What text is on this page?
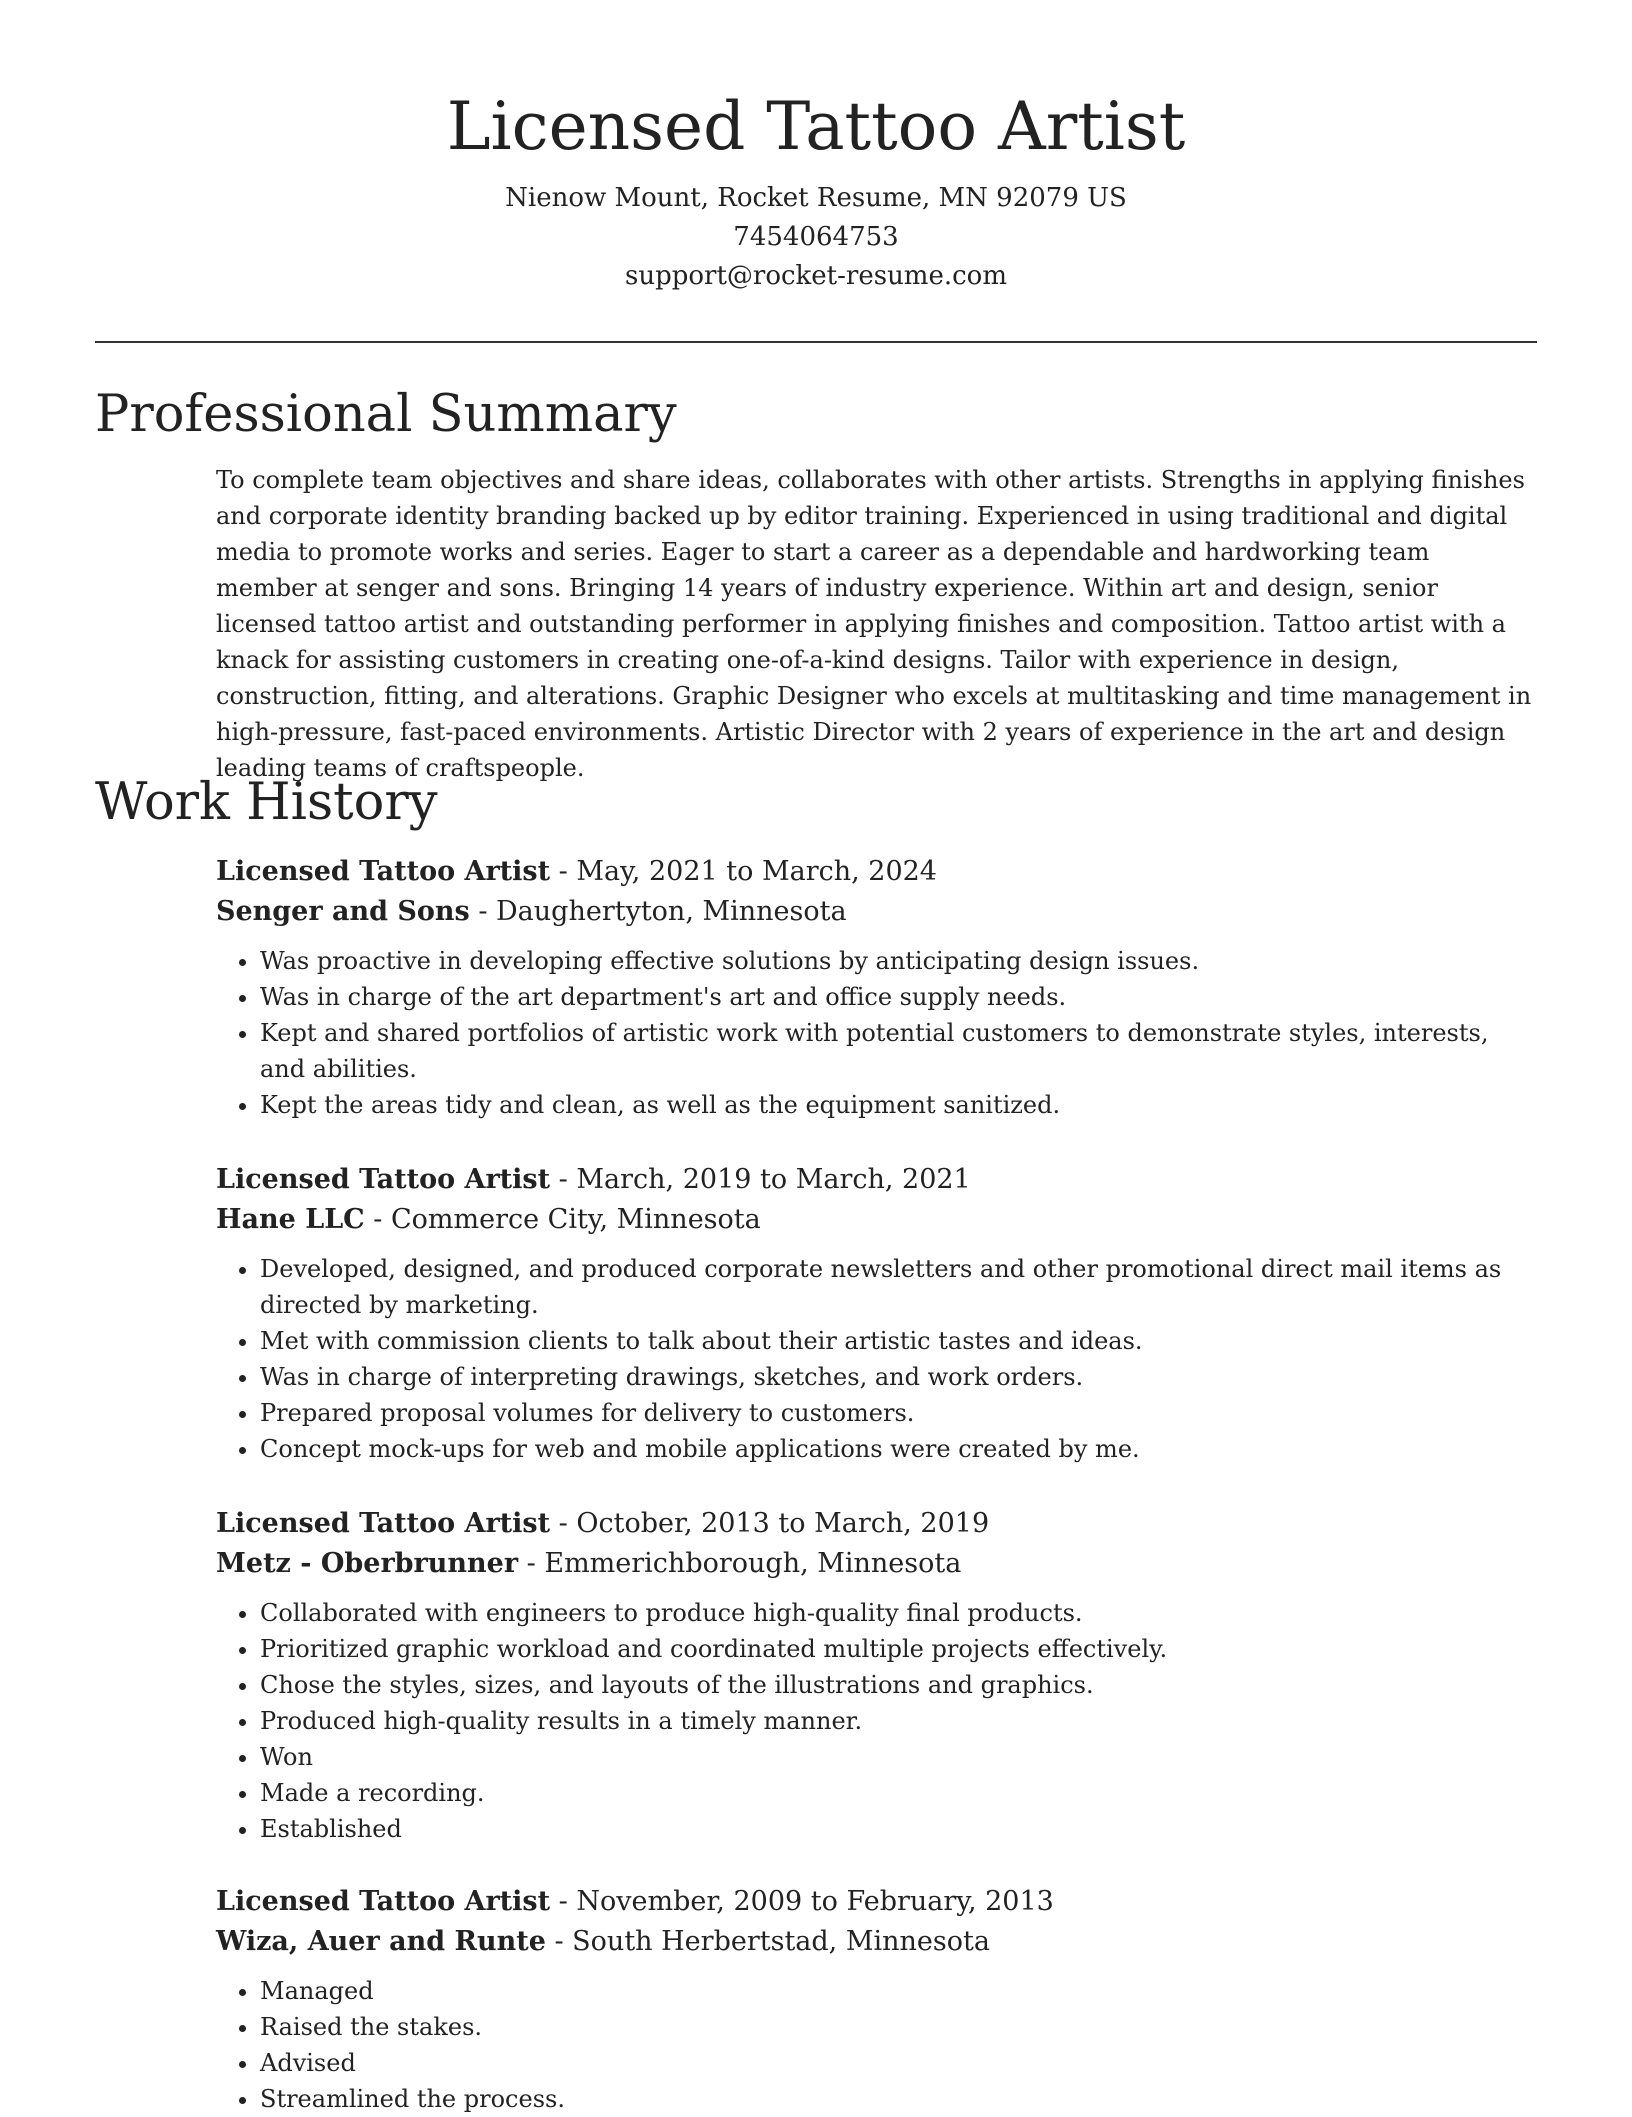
Licensed Tattoo Artist
Nienow Mount, Rocket Resume, MN 92079 US
7454064753
support@rocket-resume.com
Professional Summary

To complete team objectives and share ideas, collaborates with other artists. Strengths in applying finishes and corporate identity branding backed up by editor training. Experienced in using traditional and digital media to promote works and series. Eager to start a career as a dependable and hardworking team member at senger and sons. Bringing 14 years of industry experience. Within art and design, senior licensed tattoo artist and outstanding performer in applying finishes and composition. Tattoo artist with a knack for assisting customers in creating one-of-a-kind designs. Tailor with experience in design, construction, fitting, and alterations. Graphic Designer who excels at multitasking and time management in high-pressure, fast-paced environments. Artistic Director with 2 years of experience in the art and design leading teams of craftspeople.

Work History
Licensed Tattoo Artist - May, 2021 to March, 2024
Senger and Sons - Daughertyton, Minnesota
• Was proactive in developing effective solutions by anticipating design issues.
• Was in charge of the art department's art and office supply needs.
• Kept and shared portfolios of artistic work with potential customers to demonstrate styles, interests, and abilities.
• Kept the areas tidy and clean, as well as the equipment sanitized.
Licensed Tattoo Artist - March, 2019 to March, 2021
Hane LLC - Commerce City, Minnesota
• Developed, designed, and produced corporate newsletters and other promotional direct mail items as directed by marketing.
• Met with commission clients to talk about their artistic tastes and ideas.
• Was in charge of interpreting drawings, sketches, and work orders.
• Prepared proposal volumes for delivery to customers.
• Concept mock-ups for web and mobile applications were created by me.
Licensed Tattoo Artist - October, 2013 to March, 2019
Metz - Oberbrunner - Emmerichborough, Minnesota
• Collaborated with engineers to produce high-quality final products.
• Prioritized graphic workload and coordinated multiple projects effectively.
• Chose the styles, sizes, and layouts of the illustrations and graphics.
• Produced high-quality results in a timely manner.
• Won
• Made a recording.
• Established
Licensed Tattoo Artist - November, 2009 to February, 2013
Wiza, Auer and Runte - South Herbertstad, Minnesota
• Managed
• Raised the stakes.
• Advised
• Streamlined the process.
